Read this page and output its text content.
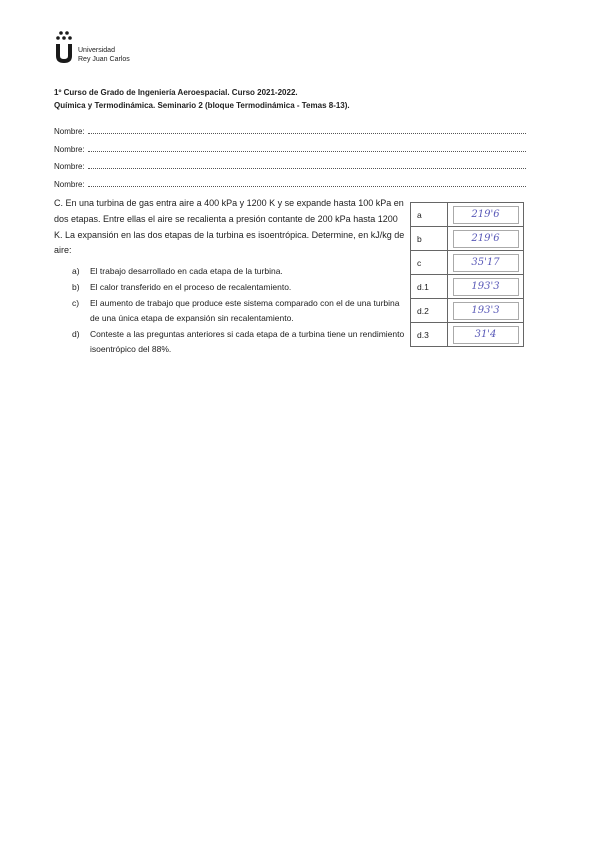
Universidad
Rey Juan Carlos
1º Curso de Grado de Ingeniería Aeroespacial. Curso 2021-2022.
Química y Termodinámica. Seminario 2 (bloque Termodinámica - Temas 8-13).
Nombre:
Nombre:
Nombre:
Nombre:
C. En una turbina de gas entra aire a 400 kPa y 1200 K y se expande hasta 100 kPa en dos etapas. Entre ellas el aire se recalienta a presión contante de 200 kPa hasta 1200 K. La expansión en las dos etapas de la turbina es isoentrópica. Determine, en kJ/kg de aire:
a)	El trabajo desarrollado en cada etapa de la turbina.
b)	El calor transferido en el proceso de recalentamiento.
c)	El aumento de trabajo que produce este sistema comparado con el de una turbina de una única etapa de expansión sin recalentamiento.
d)	Conteste a las preguntas anteriores si cada etapa de a turbina tiene un rendimiento isoentrópico del 88%.
a	219'6
b	219'6
c	35'17
d.1	193'3
d.2	193'3
d.3	31'4
